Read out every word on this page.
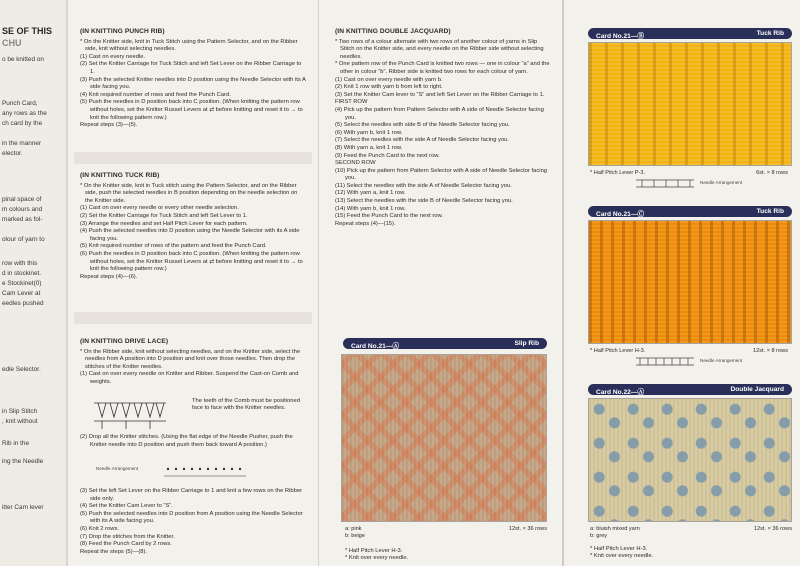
SE OF THIS
CHU
o be knitted on
Punch Card,
any rows as the
ch card by the
in the manner
elector.
pinal space of
m colours and
marked as fol-
olour of yarn to
row with this
d in stockinet.
e Stockinet(0)
Cam Lever at
eedles pushed
edle Selector.
in Slip Stitch
, knit without
Rib in the
ing the Needle
itter Cam lever
(IN KNITTING PUNCH RIB)

* On the Knitter side, knit in Tuck Stitch using the Pattern Selector, and on the Ribber side, knit without selecting needles.

(1) Cast on every needle.
(2) Set the Knitter Carriage for Tuck Stitch and left Set Lever on the Ribber Carriage to 1.
(3) Push the selected Knitter needles into D position using the Needle Selector with its A side facing you.
(4) Knit required number of rows and feed the Punch Card.
(5) Push the needles in D position back into C position. (When knitting the pattern row without holes, set the Knitter Russel Levers at ⇄ before knitting and reset it to → to knit the following pattern row.)

Repeat steps (3)—(5).

(IN KNITTING TUCK RIB)

* On the Knitter side, knit in Tuck stitch using the Pattern Selector, and on the Ribber side, push the selected needles in B position depending on the needle selection on the Knitter side.

(1) Cast on over every needle or every other needle selection.
(2) Set the Knitter Carriage for Tuck Stitch and left Set Lever to 1.
(3) Arrange the needles and set Half Pitch Lever for each pattern.
(4) Push the selected needles into D position using the Needle Selector with its A side facing you.
(5) Knit required number of rows of the pattern and feed the Punch Card.
(6) Push the needles in D position back into C position. (When knitting the pattern row without holes, set the Knitter Russel Levers at ⇄ before knitting and reset it to → to knit the following pattern row.)

Repeat steps (4)—(6).

(IN KNITTING DRIVE LACE)

* On the Ribber side, knit without selecting needles, and on the Knitter side, select the needles from A position into D position and knit over those needles. Then drop the stitches of the Knitter needles.

(1) Cast on over every needle on Knitter and Ribber. Suspend the Cast-on Comb and weights.

The teeth of the Comb must be positioned face to face with the Knitter needles.

(2) Drop all the Knitter stitches. (Using the flat edge of the Needle Pusher, push the Knitter needle into D position and push them back toward A position.)

Needle Arrangement
(3) Set the left Set Lever on the Ribber Carriage to 1 and knit a few rows on the Ribber side only.
(4) Set the Knitter Cam Lever to “S”.
(5) Push the selected needles into D position from A position using the Needle Selector with its A side facing you.
(6) Knit 2 rows.
(7) Drop the stitches from the Knitter.
(8) Feed the Punch Card by 2 rows.

Repeat the steps (5)—(8).

(IN KNITTING DOUBLE JACQUARD)

* Two rows of a colour alternate with two rows of another colour of yarns in Slip Stitch on the Knitter side, and every needle on the Ribber side without selecting needles.

* One pattern row of the Punch Card is knitted two rows — one in colour “a” and the other in colour “b”. Ribber side is knitted two rows for each colour of yarn.

(1) Cast on over every needle with yarn b.
(2) Knit 1 row with yarn b from left to right.
(3) Set the Knitter Cam lever to “S” and left Set Lever on the Ribber Carriage to 1.

FIRST ROW

(4) Pick up the pattern from Pattern Selector with A side of Needle Selector facing you.
(5) Select the needles with side B of the Needle Selector facing you.
(6) With yarn b, knit 1 row.
(7) Select the needles with the side A of Needle Selector facing you.
(8) With yarn a, knit 1 row.
(9) Feed the Punch Card to the next row.

SECOND ROW

(10) Pick up the pattern from Pattern Selector with A side of Needle Selector facing you.
(11) Select the needles with the side A of Needle Selector facing you.
(12) With yarn a, knit 1 row.
(13) Select the needles with the side B of Needle Selector facing you.
(14) With yarn b, knit 1 row.
(15) Feed the Punch Card to the next row.

Repeat steps (4)—(15).

Card No.21—Ⓐ	Slip Rib
a: pink
b: beige
12st. × 36 rows
* Half Pitch Lever H-3.
* Knit over every needle.
Card No.21—Ⓑ	Tuck Rib
* Half Pitch Lever P-3.	6st. × 8 rows
Needle Arrangement
Card No.21—Ⓒ	Tuck Rib
* Half Pitch Lever H-3.	12st. × 8 rows
Needle Arrangement
Card No.22—Ⓐ	Double Jacquard
a: bluish mixed yarn
b: grey
12st. × 36 rows
* Half Pitch Lever H-3.
* Knit over every needle.
